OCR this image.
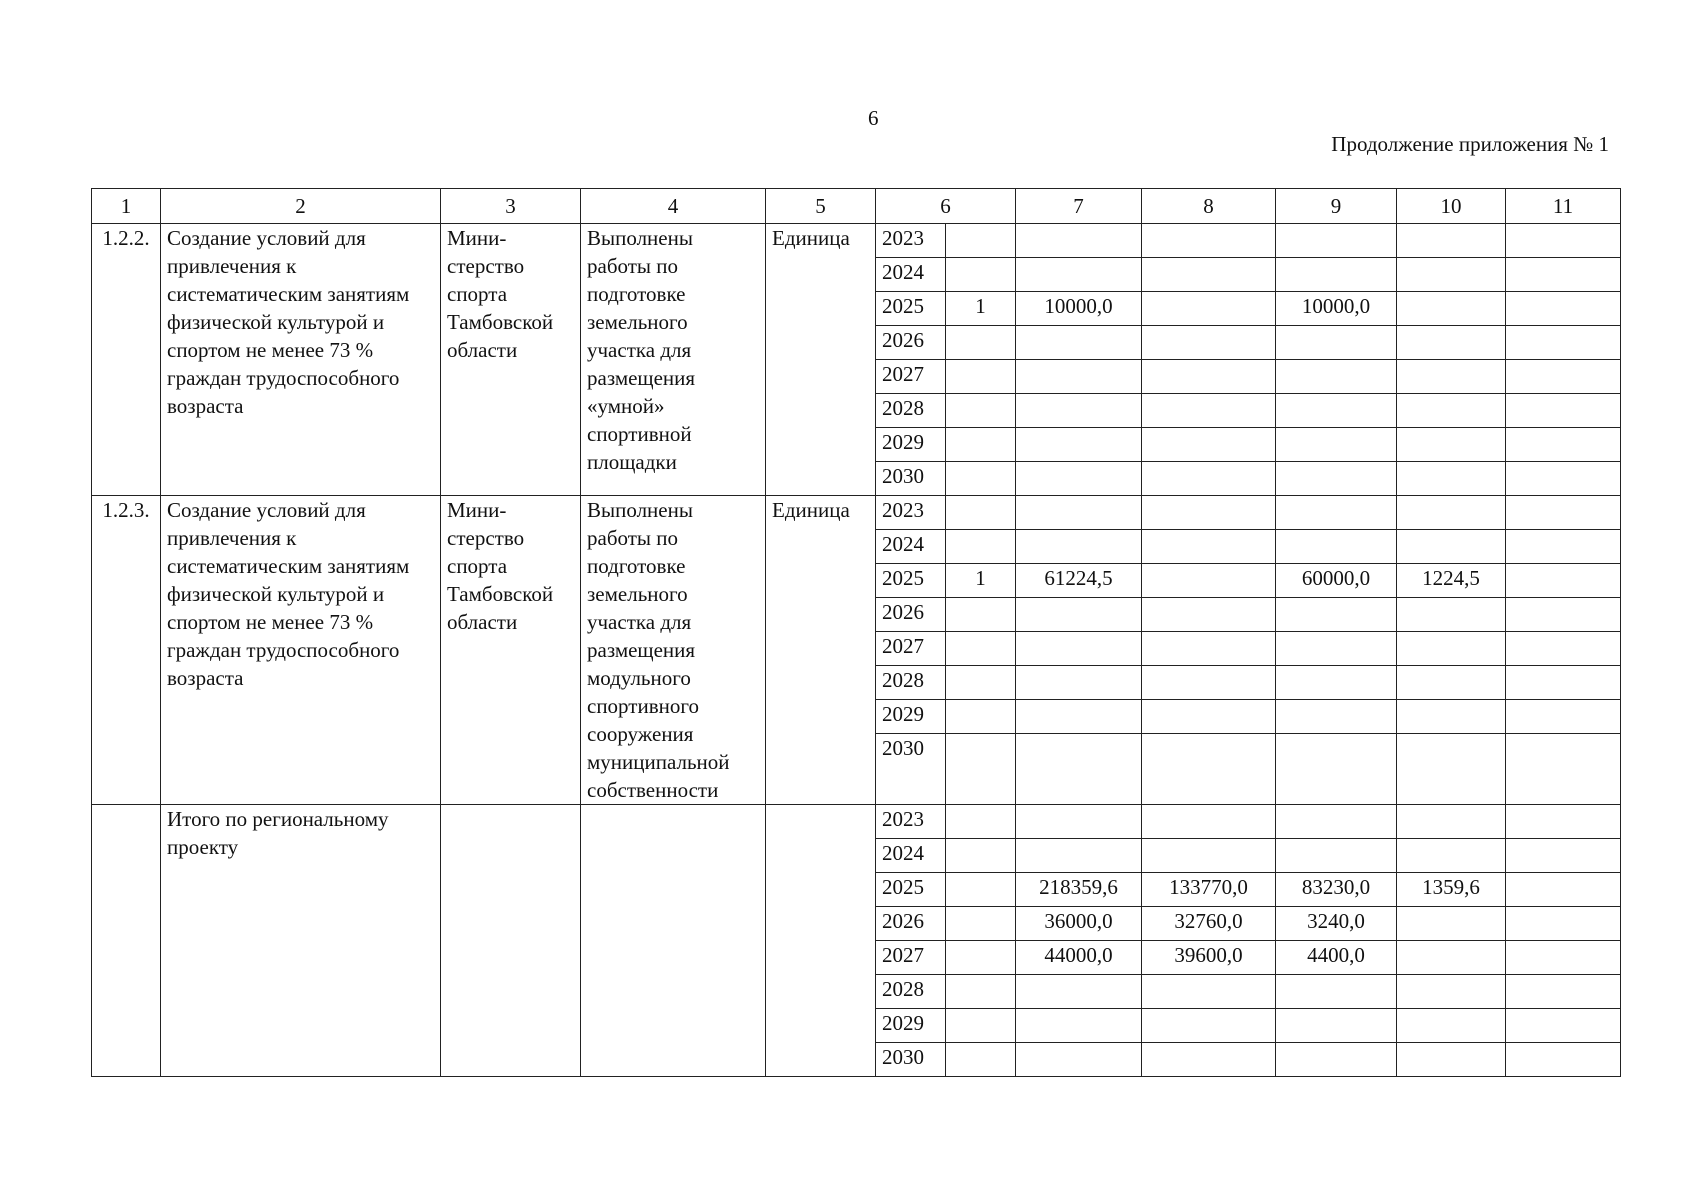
6
Продолжение приложения № 1
1	2	3	4	5	6		7	8	9	10	11
1.2.2.	Создание условий для привлечения к систематическим занятиям физической культурой и спортом не менее 73 % граждан трудоспособного возраста	Мини-
стерство
спорта
Тамбовской
области	Выполнены работы по подготовке земельного участка для размещения «умной» спортивной площадки	Единица	2023						
					2024						
					2025	1	10000,0		10000,0		
					2026						
					2027						
					2028						
					2029						
					2030						
1.2.3.	Создание условий для привлечения к систематическим занятиям физической культурой и спортом не менее 73 % граждан трудоспособного возраста	Мини-
стерство
спорта
Тамбовской
области	Выполнены работы по подготовке земельного участка для размещения модульного спортивного сооружения муниципальной собственности	Единица	2023						
					2024						
					2025	1	61224,5		60000,0	1224,5	
					2026						
					2027						
					2028						
					2029						
					2030						
	Итого по региональному проекту				2023						
					2024						
					2025		218359,6	133770,0	83230,0	1359,6	
					2026		36000,0	32760,0	3240,0		
					2027		44000,0	39600,0	4400,0		
					2028						
					2029						
					2030						
